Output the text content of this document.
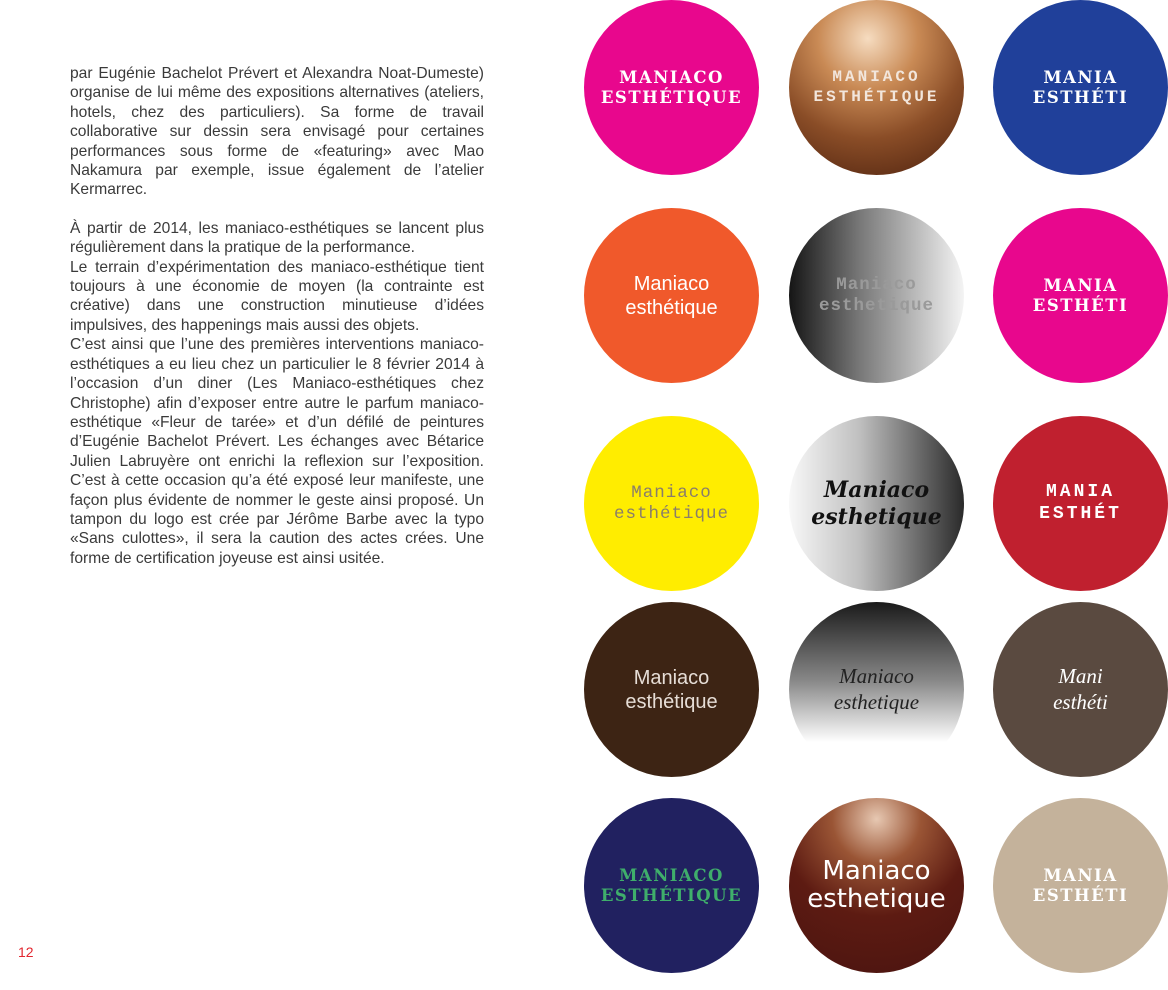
par Eugénie Bachelot Prévert et Alexandra Noat-Dumeste) organise de lui même des expositions alternatives (ateliers, hotels, chez des particuliers). Sa forme de travail collaborative sur dessin sera envisagé pour certaines performances sous forme de «featuring» avec Mao Nakamura par exemple, issue également de l’atelier Kermarrec.

À partir de 2014, les maniaco-esthétiques se lancent plus régulièrement dans la pratique de la performance.

Le terrain d’expérimentation des maniaco-esthétique tient toujours à une économie de moyen (la contrainte est créative) dans une construction minutieuse d’idées impulsives, des happenings mais aussi des objets.

C’est ainsi que l’une des premières interventions maniaco-esthétiques a eu lieu chez un particulier le 8 février 2014 à l’occasion d’un diner (Les Maniaco-esthétiques chez Christophe) afin d’exposer entre autre le parfum maniaco-esthétique «Fleur de tarée» et d’un défilé de peintures d’Eugénie Bachelot Prévert. Les échanges avec Bétarice Julien Labruyère ont enrichi la reflexion sur l’exposition. C’est à cette occasion qu’a été exposé leur manifeste, une façon plus évidente de nommer le geste ainsi proposé. Un tampon du logo est crée par Jérôme Barbe avec la typo «Sans culottes», il sera la caution des actes crées. Une forme de certification joyeuse est ainsi usitée.

12
MANIACO
ESTHÉTIQUE
MANIACO
ESTHÉTIQUE
MANIA
ESTHÉTI
Maniaco
esthétique
Maniaco
esthetique
MANIA
ESTHÉTI
Maniaco
esthétique
Maniaco
esthetique
MANIA
ESTHÉT
Maniaco
esthétique
Maniaco
esthetique
Mani
esthéti
MANIACO
ESTHÉTIQUE
Maniaco
esthetique
MANIA
ESTHÉTI
